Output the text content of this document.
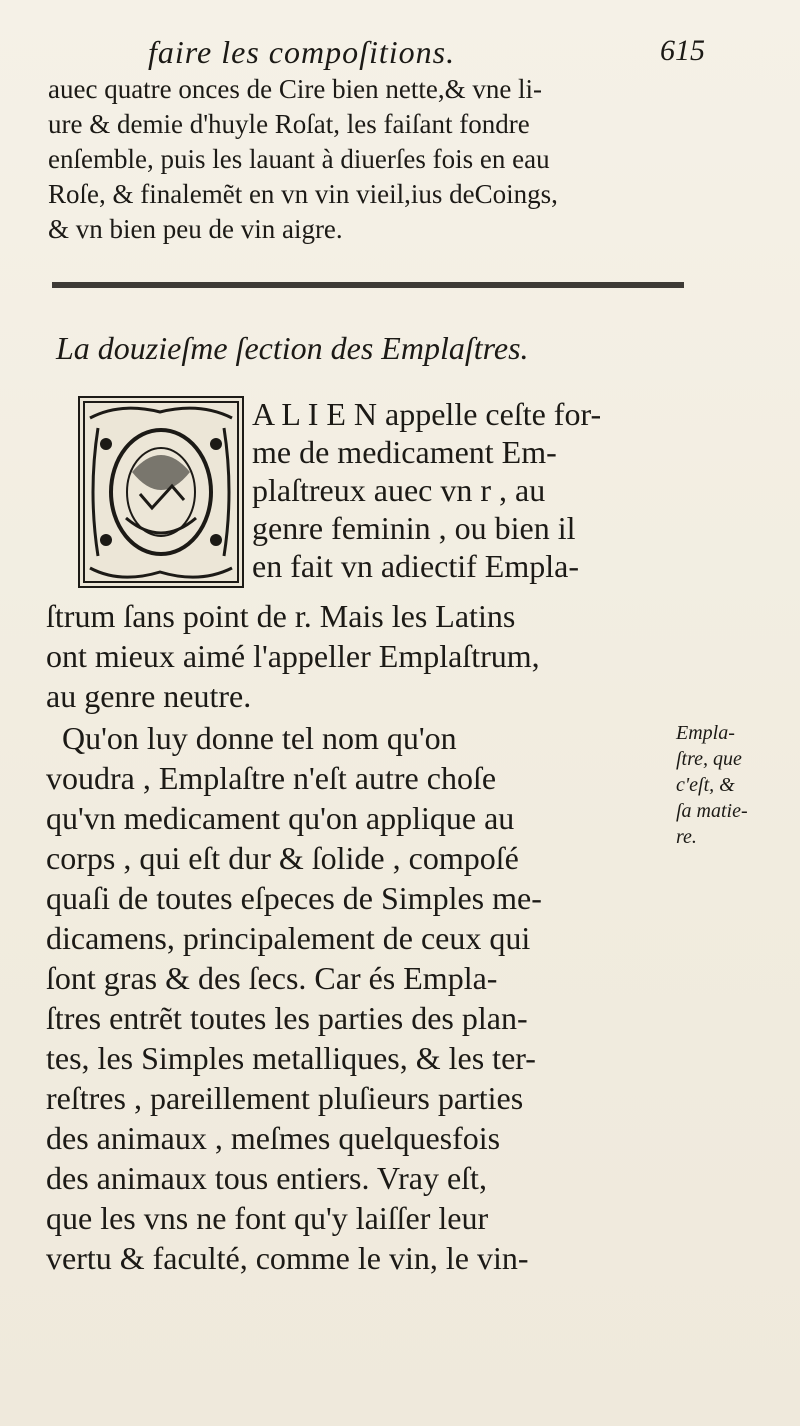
faire les compoſitions.	615
auec quatre onces de Cire bien nette,& vne li-
ure & demie d'huyle Roſat, les faiſant fondre
enſemble, puis les lauant à diuerſes fois en eau
Roſe, & finalemẽt en vn vin vieil,ius deCoings,
& vn bien peu de vin aigre.
La douzieſme ſection des Emplaſtres.
A L I E N appelle ceſte for-
me de medicament Em-
plaſtreux auec vn r , au
genre feminin , ou bien il
en fait vn adiectif Empla-
ſtrum ſans point de r. Mais les Latins
ont mieux aimé l'appeller Emplaſtrum,
au genre neutre.
Qu'on luy donne tel nom qu'on
voudra , Emplaſtre n'eſt autre choſe
qu'vn medicament qu'on applique au
corps , qui eſt dur & ſolide , compoſé
quaſi de toutes eſpeces de Simples me-
dicamens, principalement de ceux qui
ſont gras & des ſecs. Car és Empla-
ſtres entrẽt toutes les parties des plan-
tes, les Simples metalliques, & les ter-
reſtres , pareillement pluſieurs parties
des animaux , meſmes quelquesfois
des animaux tous entiers. Vray eſt,
que les vns ne font qu'y laiſſer leur
vertu & faculté, comme le vin, le vin-
Empla-
ſtre, que
c'eſt, &
ſa matie-
re.
